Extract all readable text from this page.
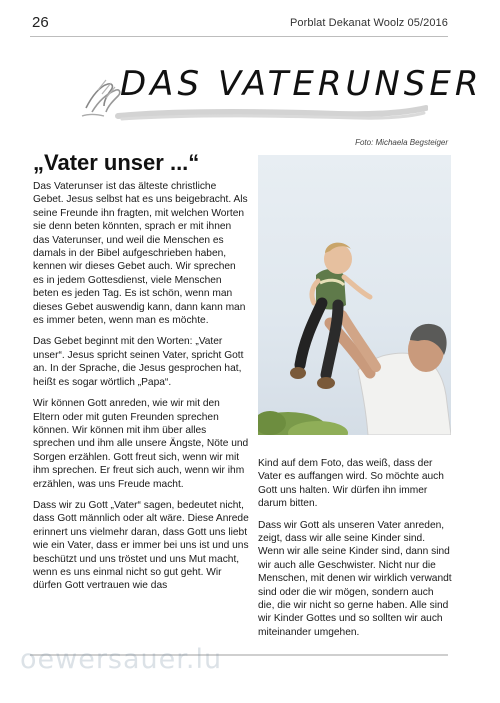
26	Porblat Dekanat Woolz 05/2016
DAS VATERUNSER
Foto: Michaela Begsteiger
„Vater unser ...“

Das Vaterunser ist das älteste christliche Gebet. Jesus selbst hat es uns beigebracht. Als seine Freunde ihn fragten, mit welchen Worten sie denn beten könnten, sprach er mit ihnen das Vaterunser, und weil die Menschen es damals in der Bibel aufgeschrieben haben, kennen wir dieses Gebet auch. Wir sprechen es in jedem Gottesdienst, viele Menschen beten es jeden Tag. Es ist schön, wenn man dieses Gebet auswendig kann, dann kann man es immer beten, wenn man es möchte.

Das Gebet beginnt mit den Worten: „Vater unser“. Jesus spricht seinen Vater, spricht Gott an. In der Sprache, die Jesus gesprochen hat, heißt es sogar wörtlich „Papa“.

Wir können Gott anreden, wie wir mit den Eltern oder mit guten Freunden sprechen können. Wir können mit ihm über alles sprechen und ihm alle unsere Ängste, Nöte und Sorgen erzählen. Gott freut sich, wenn wir mit ihm sprechen. Er freut sich auch, wenn wir ihm erzählen, was uns Freude macht.

Dass wir zu Gott „Vater“ sagen, bedeutet nicht, dass Gott männlich oder alt wäre. Diese Anrede erinnert uns vielmehr daran, dass Gott uns liebt wie ein Vater, dass er immer bei uns ist und uns beschützt und uns tröstet und uns Mut macht, wenn es uns einmal nicht so gut geht. Wir dürfen Gott vertrauen wie das

Kind auf dem Foto, das weiß, dass der Vater es auffangen wird. So möchte auch Gott uns halten. Wir dürfen ihn immer darum bitten.

Dass wir Gott als unseren Vater anreden, zeigt, dass wir alle seine Kinder sind. Wenn wir alle seine Kinder sind, dann sind wir auch alle Geschwister. Nicht nur die Menschen, mit denen wir wirklich verwandt sind oder die wir mögen, sondern auch die, die wir nicht so gerne haben. Alle sind wir Kinder Gottes und so sollten wir auch miteinander umgehen.

oewersauer.lu
